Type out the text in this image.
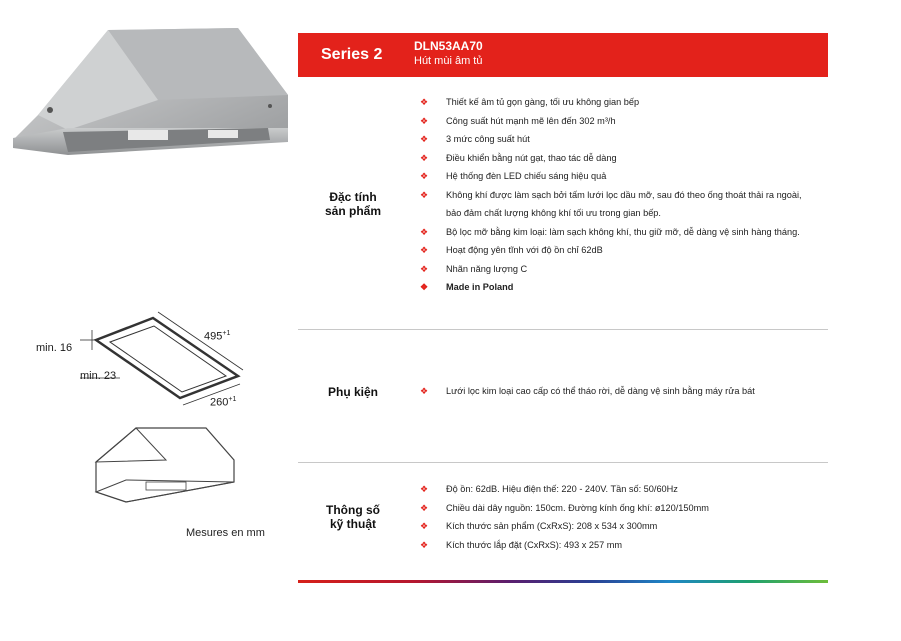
min. 16
min. 23
$495^{+1}$
$260^{+1}$
Mesures en mm
Series 2	DLN53AA70
Hút mùi âm tủ
Đặc tính
sản phẩm
❖ Thiết kế âm tủ gọn gàng, tối ưu không gian bếp
❖ Công suất hút mạnh mẽ lên đến 302 m³/h
❖ 3 mức công suất hút
❖ Điều khiển bằng nút gạt, thao tác dễ dàng
❖ Hệ thống đèn LED chiếu sáng hiệu quả
❖ Không khí được làm sạch bởi tấm lưới lọc dầu mỡ, sau đó theo ống thoát thải ra ngoài, bảo đảm chất lượng không khí tối ưu trong gian bếp.
❖ Bộ lọc mỡ bằng kim loại: làm sạch không khí, thu giữ mỡ, dễ dàng vệ sinh hàng tháng.
❖ Hoạt động yên tĩnh với độ ồn chỉ 62dB
❖ Nhãn năng lượng C
❖ Made in Poland
Phụ kiện	❖ Lưới lọc kim loại cao cấp có thể tháo rời, dễ dàng vệ sinh bằng máy rửa bát
Thông số
kỹ thuật
❖ Độ ồn: 62dB. Hiệu điện thế: 220 - 240V. Tần số: 50/60Hz
❖ Chiều dài dây nguồn: 150cm. Đường kính ống khí: ø120/150mm
❖ Kích thước sản phẩm (CxRxS): 208 x 534 x 300mm
❖ Kích thước lắp đặt (CxRxS): 493 x 257 mm
